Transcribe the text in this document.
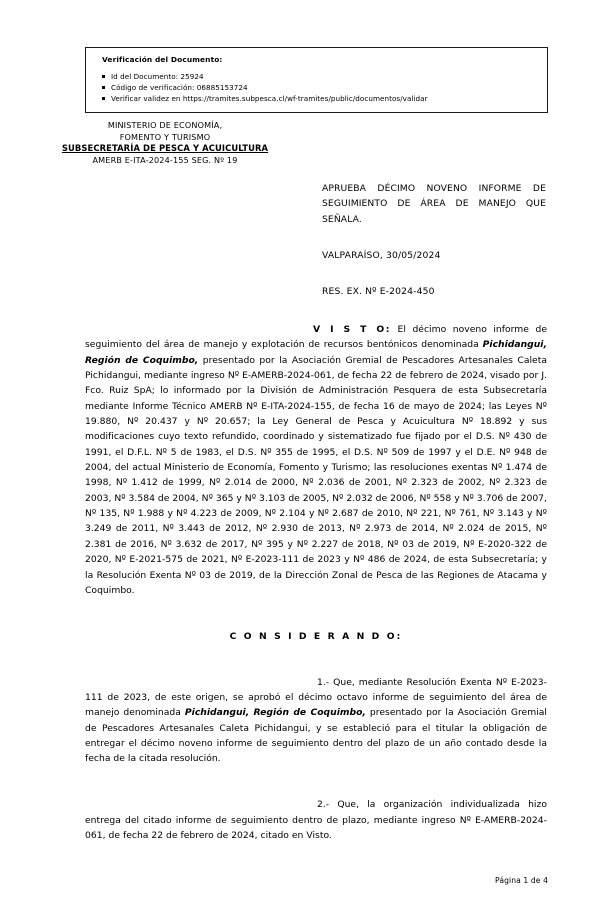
Verificación del Documento:
Id del Documento: 25924
Código de verificación: 06885153724
Verificar validez en https://tramites.subpesca.cl/wf-tramites/public/documentos/validar
MINISTERIO DE ECONOMÍA,
FOMENTO Y TURISMO
SUBSECRETARÍA DE PESCA Y ACUICULTURA
AMERB E-ITA-2024-155 SEG. Nº 19
APRUEBA DÉCIMO NOVENO INFORME DE SEGUIMIENTO DE ÁREA DE MANEJO QUE SEÑALA.
VALPARAÍSO, 30/05/2024
RES. EX. Nº E-2024-450

V I S T O: El décimo noveno informe de seguimiento del área de manejo y explotación de recursos bentónicos denominada Pichidangui, Región de Coquimbo, presentado por la Asociación Gremial de Pescadores Artesanales Caleta Pichidangui, mediante ingreso Nº E-AMERB-2024-061, de fecha 22 de febrero de 2024, visado por J. Fco. Ruiz SpA; lo informado por la División de Administración Pesquera de esta Subsecretaría mediante Informe Técnico AMERB Nº E-ITA-2024-155, de fecha 16 de mayo de 2024; las Leyes Nº 19.880, Nº 20.437 y Nº 20.657; la Ley General de Pesca y Acuicultura Nº 18.892 y sus modificaciones cuyo texto refundido, coordinado y sistematizado fue fijado por el D.S. Nº 430 de 1991, el D.F.L. Nº 5 de 1983, el D.S. Nº 355 de 1995, el D.S. Nº 509 de 1997 y el D.E. Nº 948 de 2004, del actual Ministerio de Economía, Fomento y Turismo; las resoluciones exentas Nº 1.474 de 1998, Nº 1.412 de 1999, Nº 2.014 de 2000, Nº 2.036 de 2001, Nº 2.323 de 2002, Nº 2.323 de 2003, Nº 3.584 de 2004, Nº 365 y Nº 3.103 de 2005, Nº 2.032 de 2006, Nº 558 y Nº 3.706 de 2007, Nº 135, Nº 1.988 y Nº 4.223 de 2009, Nº 2.104 y Nº 2.687 de 2010, Nº 221, Nº 761, Nº 3.143 y Nº 3.249 de 2011, Nº 3.443 de 2012, Nº 2.930 de 2013, Nº 2.973 de 2014, Nº 2.024 de 2015, Nº 2.381 de 2016, Nº 3.632 de 2017, Nº 395 y Nº 2.227 de 2018, Nº 03 de 2019, Nº E-2020-322 de 2020, Nº E-2021-575 de 2021, Nº E-2023-111 de 2023 y Nº 486 de 2024, de esta Subsecretaría; y la Resolución Exenta Nº 03 de 2019, de la Dirección Zonal de Pesca de las Regiones de Atacama y Coquimbo.

C O N S I D E R A N D O:

1.- Que, mediante Resolución Exenta Nº E-2023-111 de 2023, de este origen, se aprobó el décimo octavo informe de seguimiento del área de manejo denominada Pichidangui, Región de Coquimbo, presentado por la Asociación Gremial de Pescadores Artesanales Caleta Pichidangui, y se estableció para el titular la obligación de entregar el décimo noveno informe de seguimiento dentro del plazo de un año contado desde la fecha de la citada resolución.

2.- Que, la organización individualizada hizo entrega del citado informe de seguimiento dentro de plazo, mediante ingreso Nº E-AMERB-2024-061, de fecha 22 de febrero de 2024, citado en Visto.

Página 1 de 4
